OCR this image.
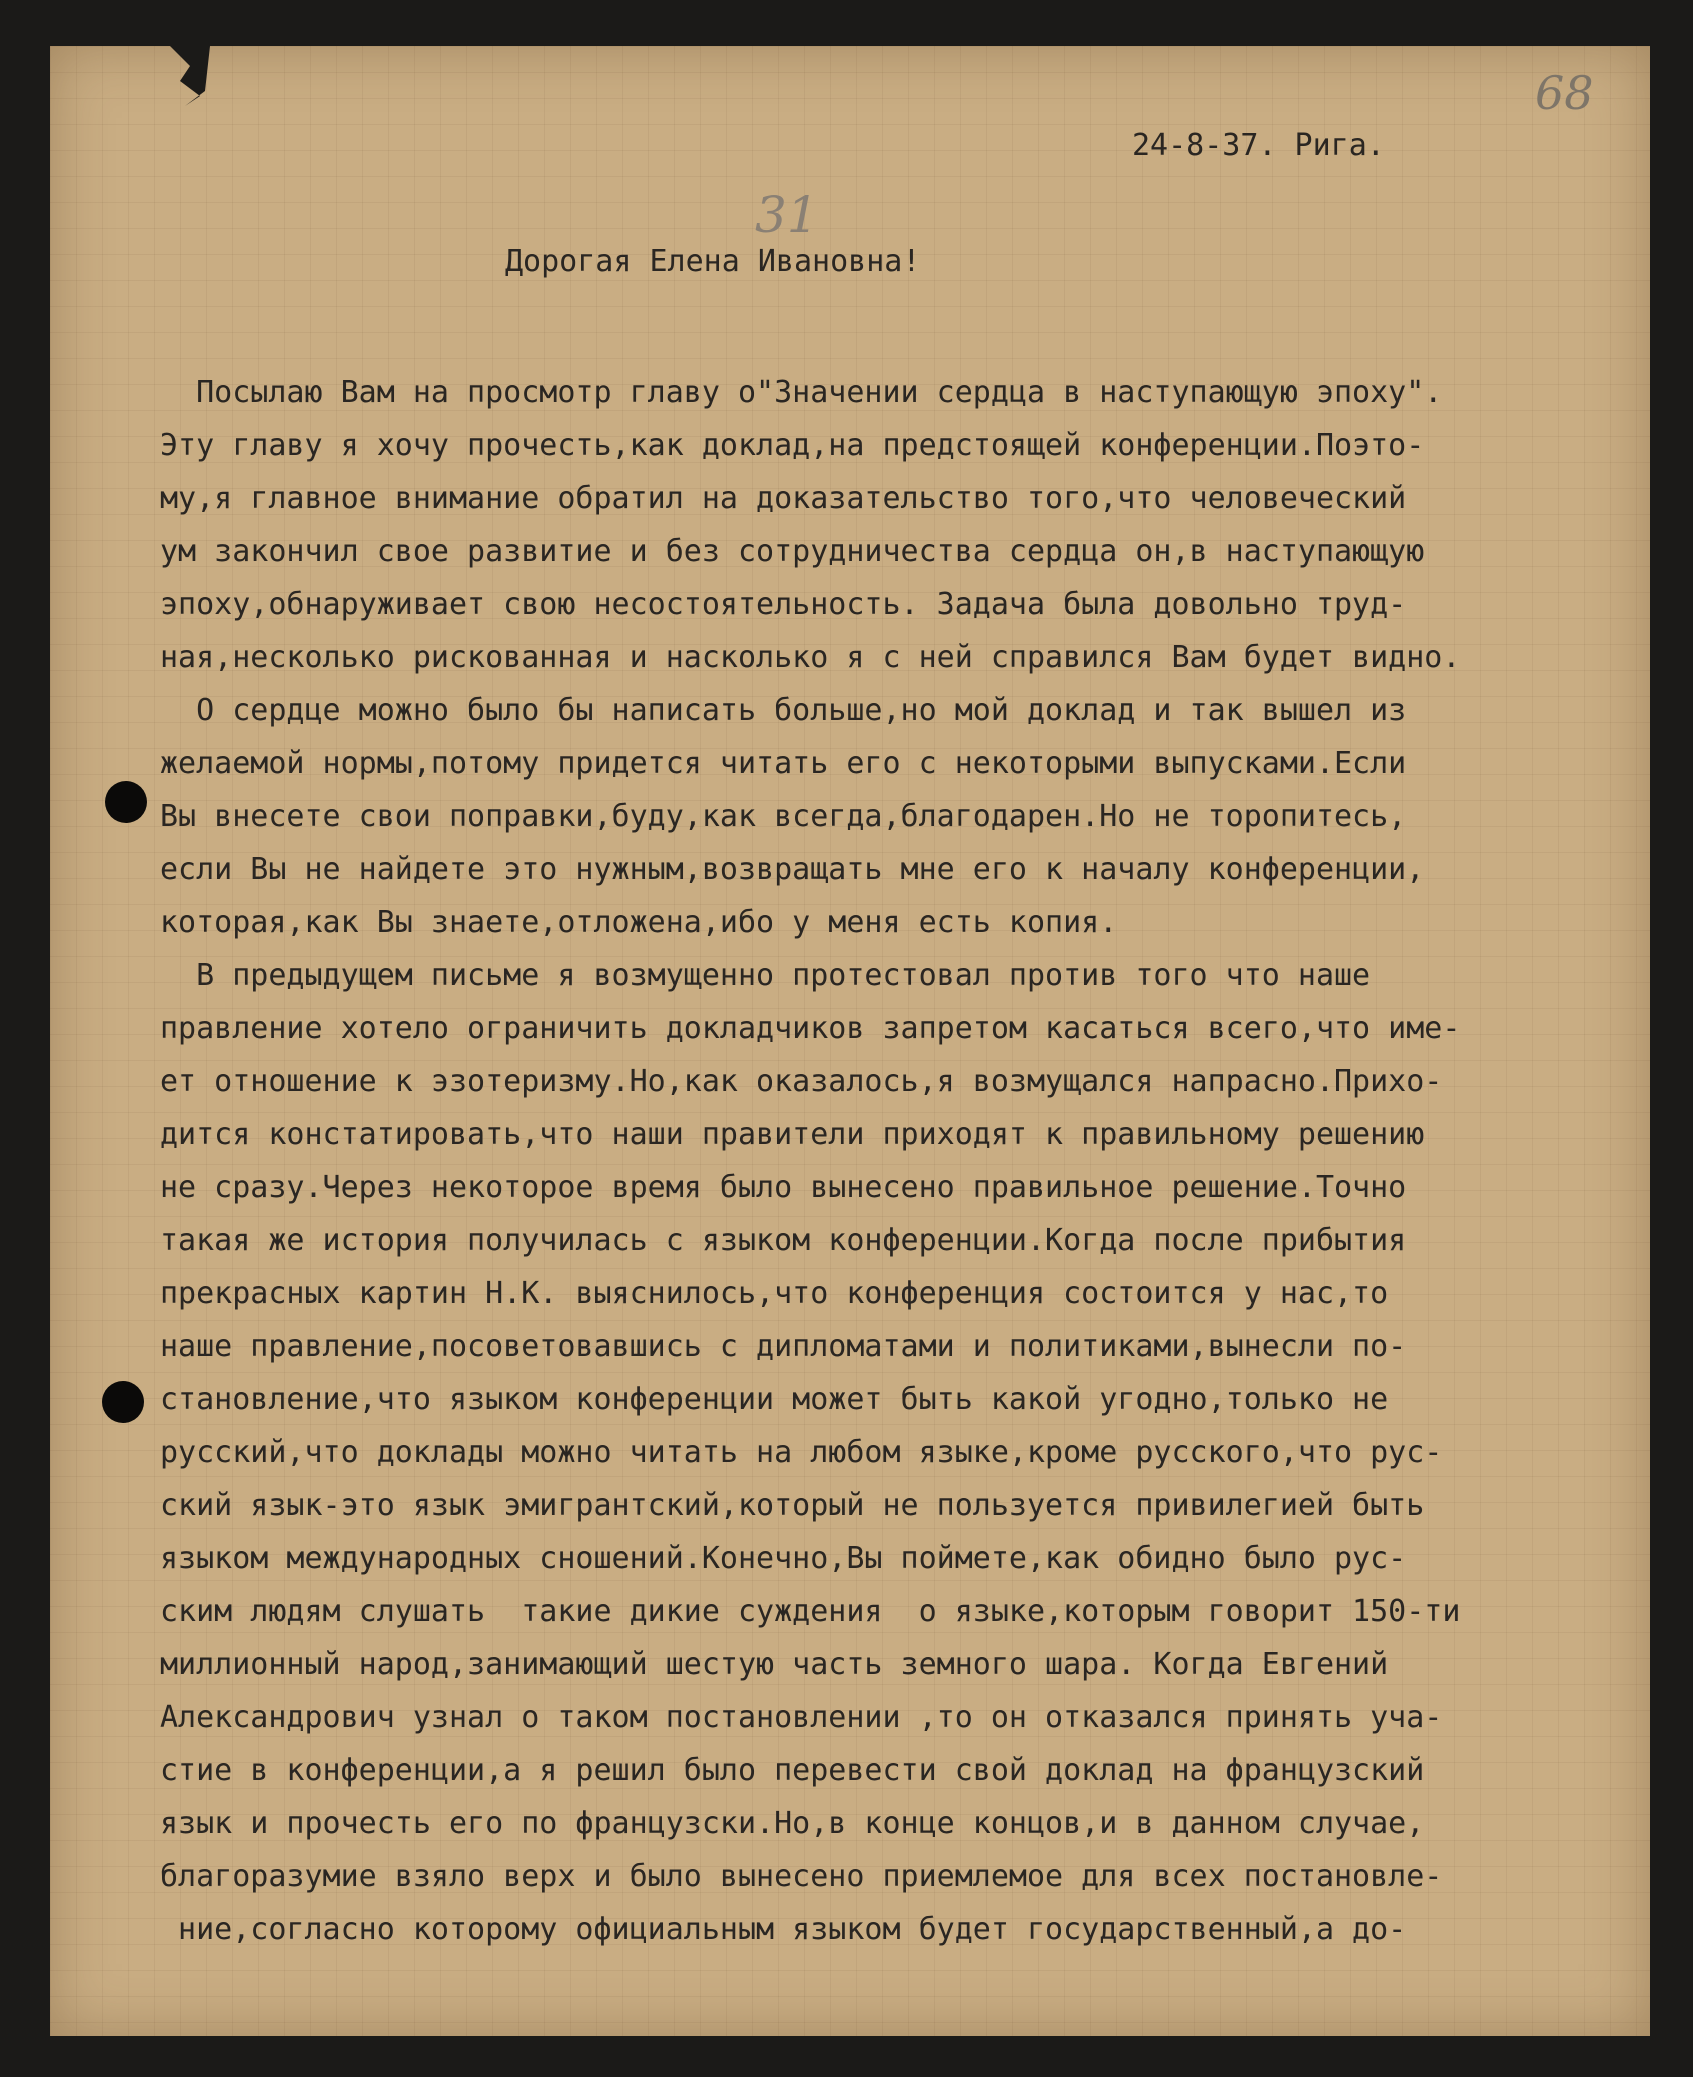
68
31
24-8-37. Рига.
Дорогая Елена Ивановна!
Посылаю Вам на просмотр главу о"Значении сердца в наступающую эпоху".
Эту главу я хочу прочесть,как доклад,на предстоящей конференции.Поэто-
му,я главное внимание обратил на доказательство того,что человеческий
ум закончил свое развитие и без сотрудничества сердца он,в наступающую
эпоху,обнаруживает свою несостоятельность. Задача была довольно труд-
ная,несколько рискованная и насколько я с ней справился Вам будет видно.
О сердце можно было бы написать больше,но мой доклад и так вышел из
желаемой нормы,потому придется читать его с некоторыми выпусками.Если
Вы внесете свои поправки,буду,как всегда,благодарен.Но не торопитесь,
если Вы не найдете это нужным,возвращать мне его к началу конференции,
которая,как Вы знаете,отложена,ибо у меня есть копия.
В предыдущем письме я возмущенно протестовал против того что наше
правление хотело ограничить докладчиков запретом касаться всего,что име-
ет отношение к эзотеризму.Но,как оказалось,я возмущался напрасно.Прихо-
дится констатировать,что наши правители приходят к правильному решению
не сразу.Через некоторое время было вынесено правильное решение.Точно
такая же история получилась с языком конференции.Когда после прибытия
прекрасных картин Н.К. выяснилось,что конференция состоится у нас,то
наше правление,посоветовавшись с дипломатами и политиками,вынесли по-
становление,что языком конференции может быть какой угодно,только не
русский,что доклады можно читать на любом языке,кроме русского,что рус-
ский язык-это язык эмигрантский,который не пользуется привилегией быть
языком международных сношений.Конечно,Вы поймете,как обидно было рус-
ским людям слушать  такие дикие суждения  о языке,которым говорит 150-ти
миллионный народ,занимающий шестую часть земного шара. Когда Евгений
Александрович узнал о таком постановлении ,то он отказался принять уча-
стие в конференции,а я решил было перевести свой доклад на французский
язык и прочесть его по французски.Но,в конце концов,и в данном случае,
благоразумие взяло верх и было вынесено приемлемое для всех постановле-
ние,согласно которому официальным языком будет государственный,а до-
